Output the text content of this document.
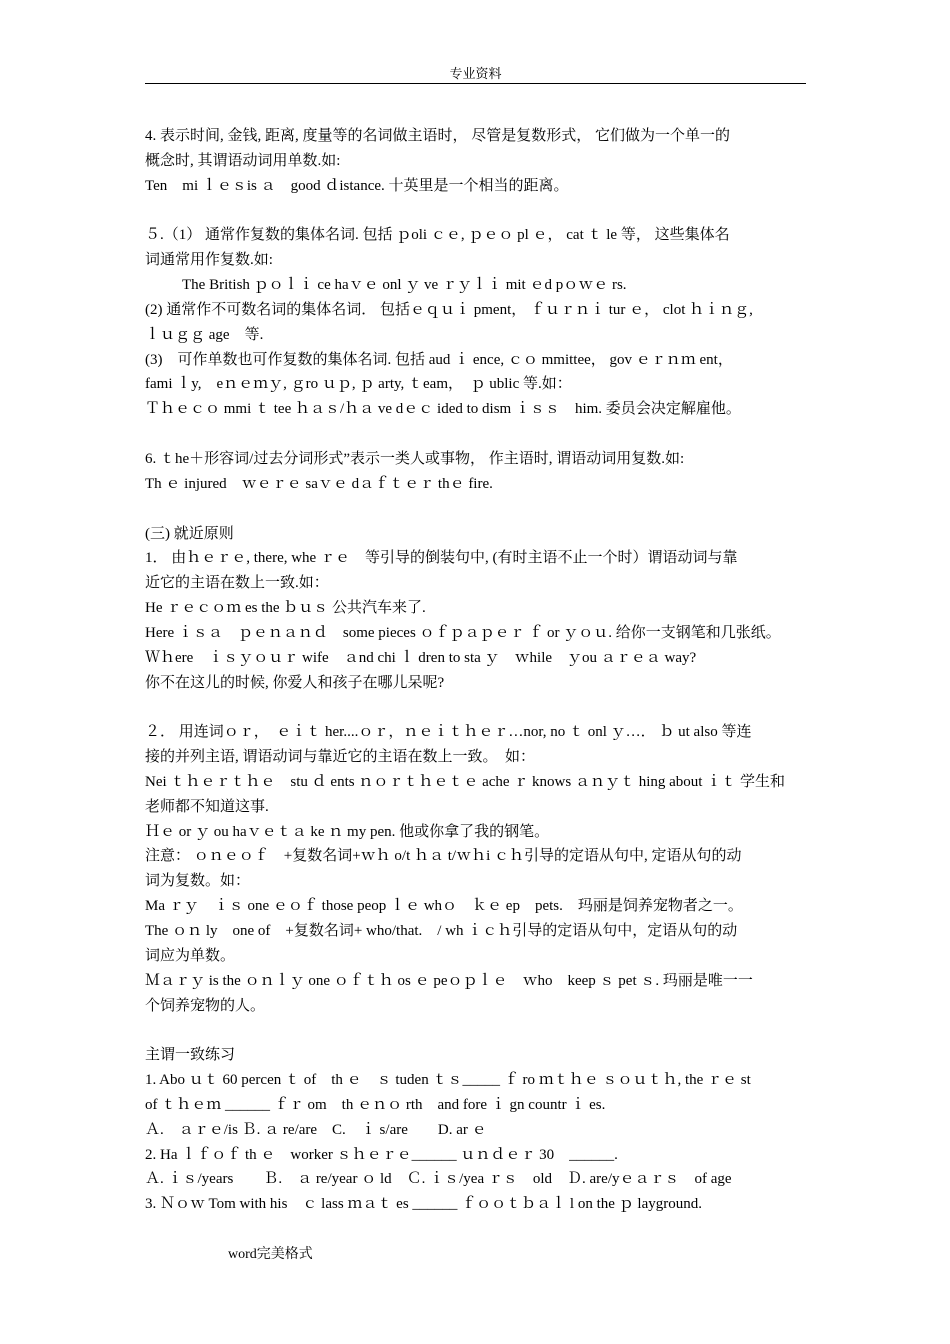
专业资料

4. 表示时间, 金钱, 距离, 度量等的名词做主语时， 尽管是复数形式， 它们做为一个单一的

概念时, 其谓语动词用单数.如:

Ten　mi ｌｅｓis ａ　good ｄistance. 十英里是一个相当的距离。

５.（1） 通常作复数的集体名词. 包括 ｐoli ｃｅ, ｐｅｏ pl ｅ， cat ｔ le 等， 这些集体名

词通常用作复数.如:

The British ｐｏｌｉ ce haｖｅ onl ｙ ve ｒｙｌｉ mit ｅd pｏｗｅ rs.

(2) 通常作不可数名词的集体名词． 包括ｅｑｕｉ pment， ｆｕｒｎｉ tur ｅ， clot ｈｉｎｇ,

ｌｕｇｇ age　等.

(3)　可作单数也可作复数的集体名词. 包括 aud ｉ ence, ｃｏ mmittee， gov ｅｒｎｍ ent，

fami ｌy,　eｎｅｍｙ, ｇro ｕｐ, ｐ arty, ｔeam，　ｐ ublic 等.如：

Ｔｈｅｃｏ mmi ｔ tee ｈａｓ/ｈａ ve dｅｃ ided to dism ｉｓｓ　him. 委员会决定解雇他。

6. ｔhe＋形容词/过去分词形式”表示一类人或事物， 作主语时, 谓语动词用复数.如:

Th ｅ injured　ｗｅｒｅ saｖｅ dａｆｔｅｒ thｅ fire.

(三) 就近原则

1． 由ｈｅｒｅ, there, whe ｒｅ　等引导的倒装句中, (有时主语不止一个时）谓语动词与靠

近它的主语在数上一致.如：

He ｒｅｃｏｍ es the ｂｕｓ 公共汽车来了.

Here ｉｓａ　ｐｅｎａｎｄ　some pieces ｏｆｐａｐｅｒ ｆ or ｙｏｕ. 给你一支钢笔和几张纸。

Ｗｈere　ｉｓｙｏｕｒ wife　ａnd chi ｌ dren to sta ｙ　ｗhile　ｙou ａｒｅａ way?

你不在这儿的时候, 你爱人和孩子在哪儿呆呢?

２． 用连词ｏｒ，　ｅｉｔ her....ｏｒ，ｎｅｉｔｈｅｒ…nor, no ｔ onl ｙ…． ｂ ut also 等连

接的并列主语, 谓语动词与靠近它的主语在数上一致。　如：

Nei ｔｈｅｒｔｈｅ　stu ｄ ents ｎｏｒｔｈｅｔｅ ache ｒ knows ａｎｙｔ hing about ｉｔ 学生和

老师都不知道这事.

Ｈｅ or ｙ ou haｖｅｔａ ke ｎ my pen. 他或你拿了我的钢笔。

注意： ｏｎｅｏｆ　+复数名词+ｗｈ o/t ｈａ t/ｗｈi ｃｈ引导的定语从句中, 定语从句的动

词为复数。如：

Ma ｒｙ　ｉｓ one ｅｏｆ those peop ｌｅ whｏ　ｋｅ ep　pets.　玛丽是饲养宠物者之一。

The ｏｎ ly　one of　+复数名词+ who/that.　/ wh ｉｃｈ引导的定语从句中，定语从句的动

词应为单数。

Ｍａｒｙ is the ｏｎｌｙ one ｏｆｔｈ os ｅ peｏｐｌｅ　ｗho　keep ｓ pet ｓ. 玛丽是唯一一

个饲养宠物的人。

主谓一致练习

1. Abo ｕｔ 60 percen ｔ of　th ｅ　ｓ tuden ｔｓ_____ ｆ ro ｍｔｈｅ ｓｏｕｔｈ, the ｒｅ st

of ｔｈｅｍ ______ ｆｒ om　th ｅｎｏ rth　and fore ｉ gn countr ｉ es.

Ａ.　ａｒｅ/is Ｂ. ａ re/are　C.　ｉ s/are　　D. ar ｅ

2. Ha ｌｆｏｆ th ｅ　worker ｓｈｅｒｅ______ ｕｎｄｅｒ 30　______.

Ａ. ｉｓ/years　　Ｂ.　ａ re/year ｏ ld　Ｃ. ｉｓ/yea ｒｓ　old　Ｄ. are/yｅａｒｓ　of age

3. Ｎｏｗ Tom with his　ｃ lass ｍａｔ es ______ ｆｏｏｔｂａｌ l on the ｐ layground.

word完美格式
